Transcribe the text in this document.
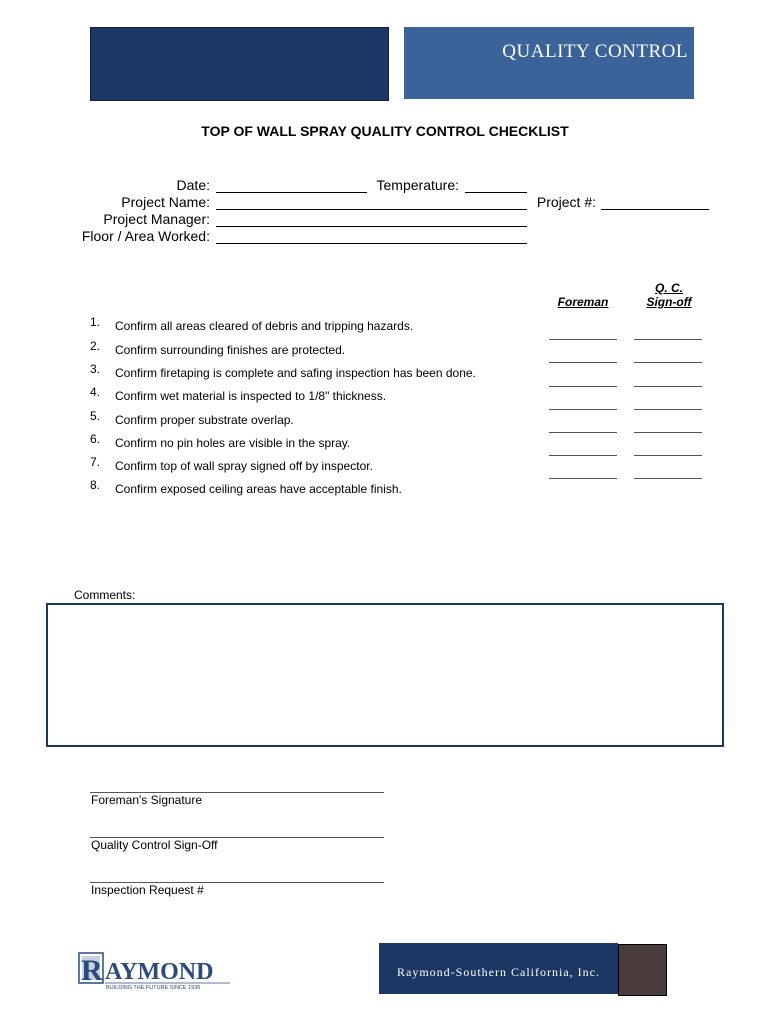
QUALITY CONTROL
TOP OF WALL SPRAY QUALITY CONTROL CHECKLIST
Date:	Temperature:
Project Name:	Project #:
Project Manager:
Floor / Area Worked:
Foreman
Q. C.
Sign-off
1. Confirm all areas cleared of debris and tripping hazards.
2. Confirm surrounding finishes are protected.
3. Confirm firetaping is complete and safing inspection has been done.
4. Confirm wet material is inspected to 1/8" thickness.
5. Confirm proper substrate overlap.
6. Confirm no pin holes are visible in the spray.
7. Confirm top of wall spray signed off by inspector.
8. Confirm exposed ceiling areas have acceptable finish.
Comments:
Foreman's Signature
Quality Control Sign-Off
Inspection Request #
R AYMOND
BUILDING THE FUTURE SINCE 1936
Raymond-Southern California, Inc.
